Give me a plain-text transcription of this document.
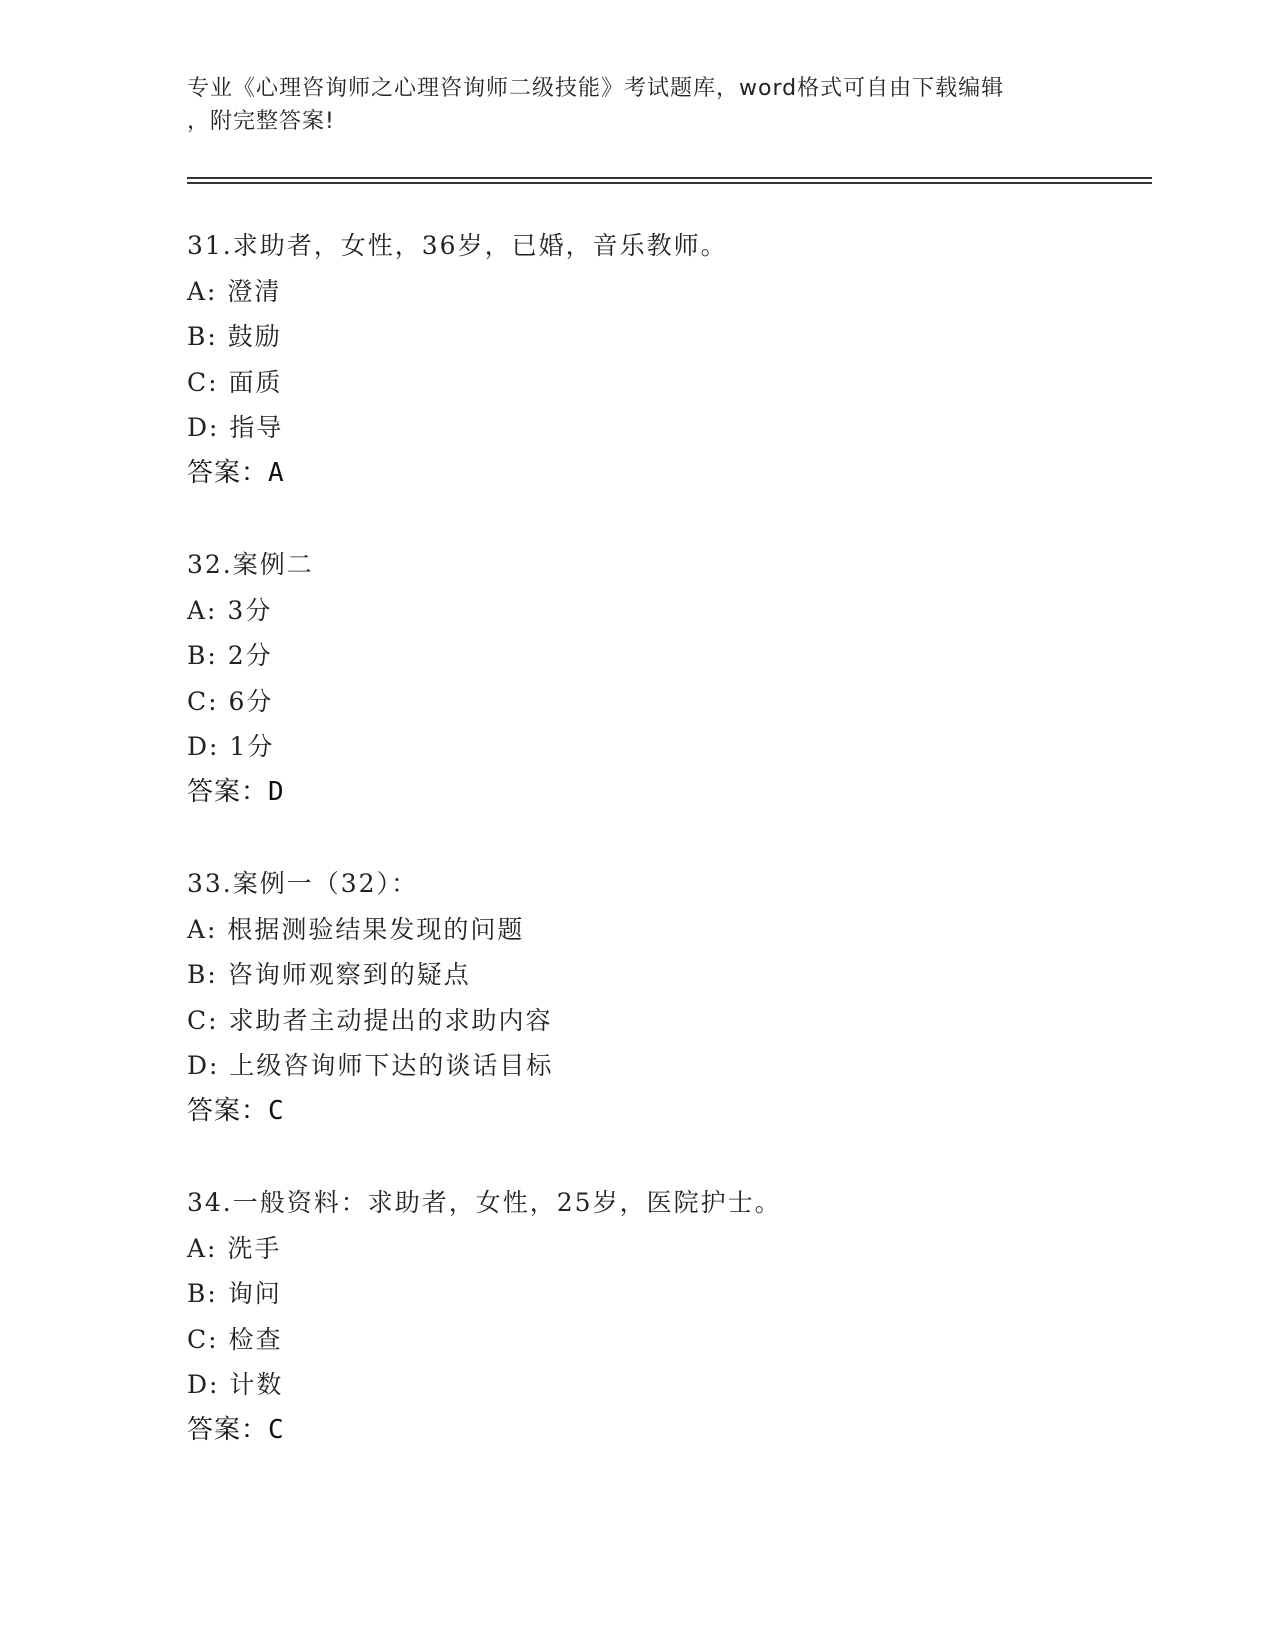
专业《心理咨询师之心理咨询师二级技能》考试题库，word格式可自由下载编辑
，附完整答案!
31.求助者，女性，36岁，已婚，音乐教师。
A: 澄清
B: 鼓励
C: 面质
D: 指导
答案：A
32.案例二
A: 3分
B: 2分
C: 6分
D: 1分
答案：D
33.案例一（32）：
A: 根据测验结果发现的问题
B: 咨询师观察到的疑点
C: 求助者主动提出的求助内容
D: 上级咨询师下达的谈话目标
答案：C
34.一般资料：求助者，女性，25岁，医院护士。
A: 洗手
B: 询问
C: 检查
D: 计数
答案：C
